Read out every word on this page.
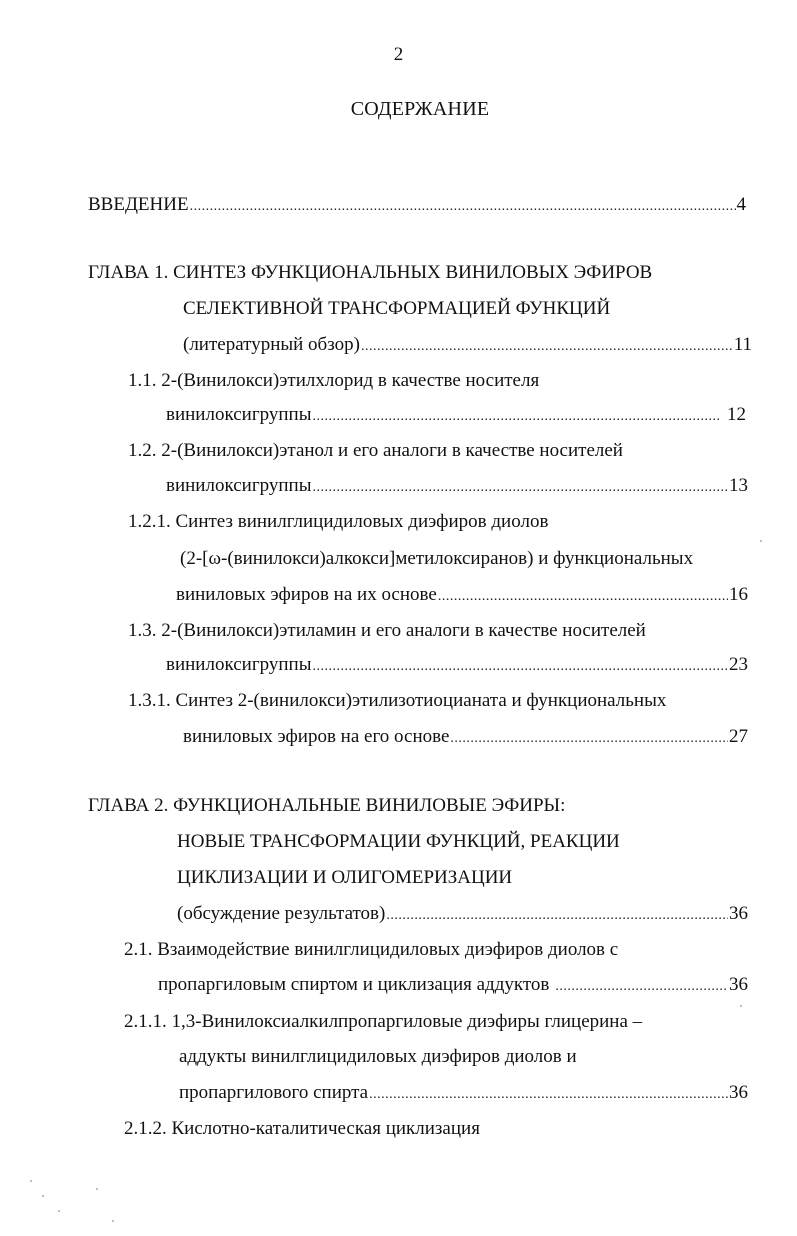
2
СОДЕРЖАНИЕ
ВВЕДЕНИЕ .....	4
ГЛАВА 1. СИНТЕЗ ФУНКЦИОНАЛЬНЫХ ВИНИЛОВЫХ ЭФИРОВ
СЕЛЕКТИВНОЙ ТРАНСФОРМАЦИЕЙ ФУНКЦИЙ
(литературный обзор) .....	11
1.1. 2-(Винилокси)этилхлорид в качестве носителя
винилоксигруппы .....	12
1.2. 2-(Винилокси)этанол и его аналоги в качестве носителей
винилоксигруппы .....	13
1.2.1. Синтез винилглицидиловых диэфиров диолов
(2-[ω-(винилокси)алкокси]метилоксиранов) и функциональных
виниловых эфиров на их основе .....	16
1.3. 2-(Винилокси)этиламин и его аналоги в качестве носителей
винилоксигруппы .....	23
1.3.1. Синтез 2-(винилокси)этилизотиоцианата и функциональных
виниловых эфиров на его основе .....	27
ГЛАВА 2. ФУНКЦИОНАЛЬНЫЕ ВИНИЛОВЫЕ ЭФИРЫ:
НОВЫЕ ТРАНСФОРМАЦИИ ФУНКЦИЙ, РЕАКЦИИ
ЦИКЛИЗАЦИИ И ОЛИГОМЕРИЗАЦИИ
(обсуждение результатов) .....	36
2.1. Взаимодействие винилглицидиловых диэфиров диолов с
пропаргиловым спиртом и циклизация аддуктов .....	36
2.1.1. 1,3-Винилоксиалкилпропаргиловые диэфиры глицерина –
аддукты винилглицидиловых диэфиров диолов и
пропаргилового спирта .....	36
2.1.2. Кислотно-каталитическая циклизация
